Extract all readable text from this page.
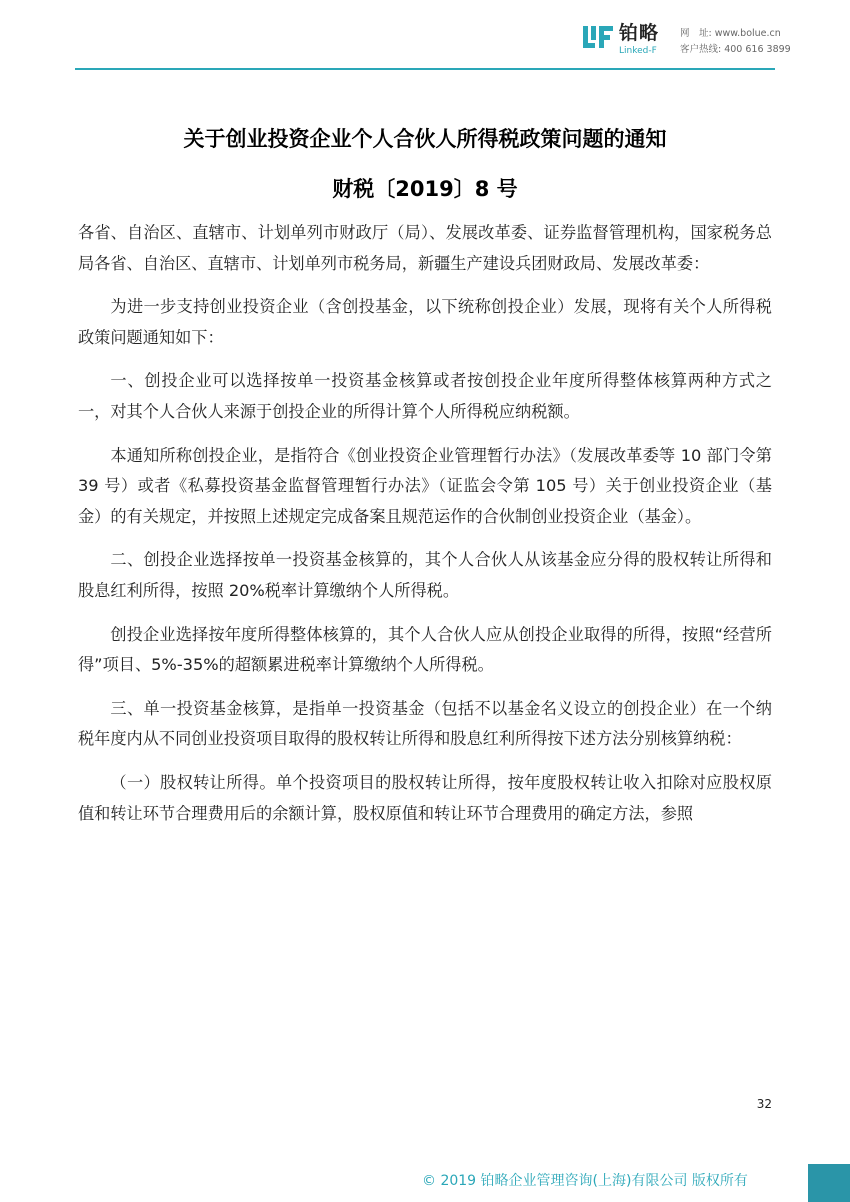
铂略
Linked-F
网　址: www.bolue.cn
客户热线: 400 616 3899
关于创业投资企业个人合伙人所得税政策问题的通知
财税〔2019〕8 号

各省、自治区、直辖市、计划单列市财政厅（局）、发展改革委、证券监督管理机构，国家税务总局各省、自治区、直辖市、计划单列市税务局，新疆生产建设兵团财政局、发展改革委：

为进一步支持创业投资企业（含创投基金，以下统称创投企业）发展，现将有关个人所得税政策问题通知如下：

一、创投企业可以选择按单一投资基金核算或者按创投企业年度所得整体核算两种方式之一，对其个人合伙人来源于创投企业的所得计算个人所得税应纳税额。

本通知所称创投企业，是指符合《创业投资企业管理暂行办法》（发展改革委等 10 部门令第 39 号）或者《私募投资基金监督管理暂行办法》（证监会令第 105 号）关于创业投资企业（基金）的有关规定，并按照上述规定完成备案且规范运作的合伙制创业投资企业（基金）。

二、创投企业选择按单一投资基金核算的，其个人合伙人从该基金应分得的股权转让所得和股息红利所得，按照 20%税率计算缴纳个人所得税。

创投企业选择按年度所得整体核算的，其个人合伙人应从创投企业取得的所得，按照“经营所得”项目、5%-35%的超额累进税率计算缴纳个人所得税。

三、单一投资基金核算，是指单一投资基金（包括不以基金名义设立的创投企业）在一个纳税年度内从不同创业投资项目取得的股权转让所得和股息红利所得按下述方法分别核算纳税：

（一）股权转让所得。单个投资项目的股权转让所得，按年度股权转让收入扣除对应股权原值和转让环节合理费用后的余额计算，股权原值和转让环节合理费用的确定方法，参照

32
© 2019 铂略企业管理咨询(上海)有限公司 版权所有
